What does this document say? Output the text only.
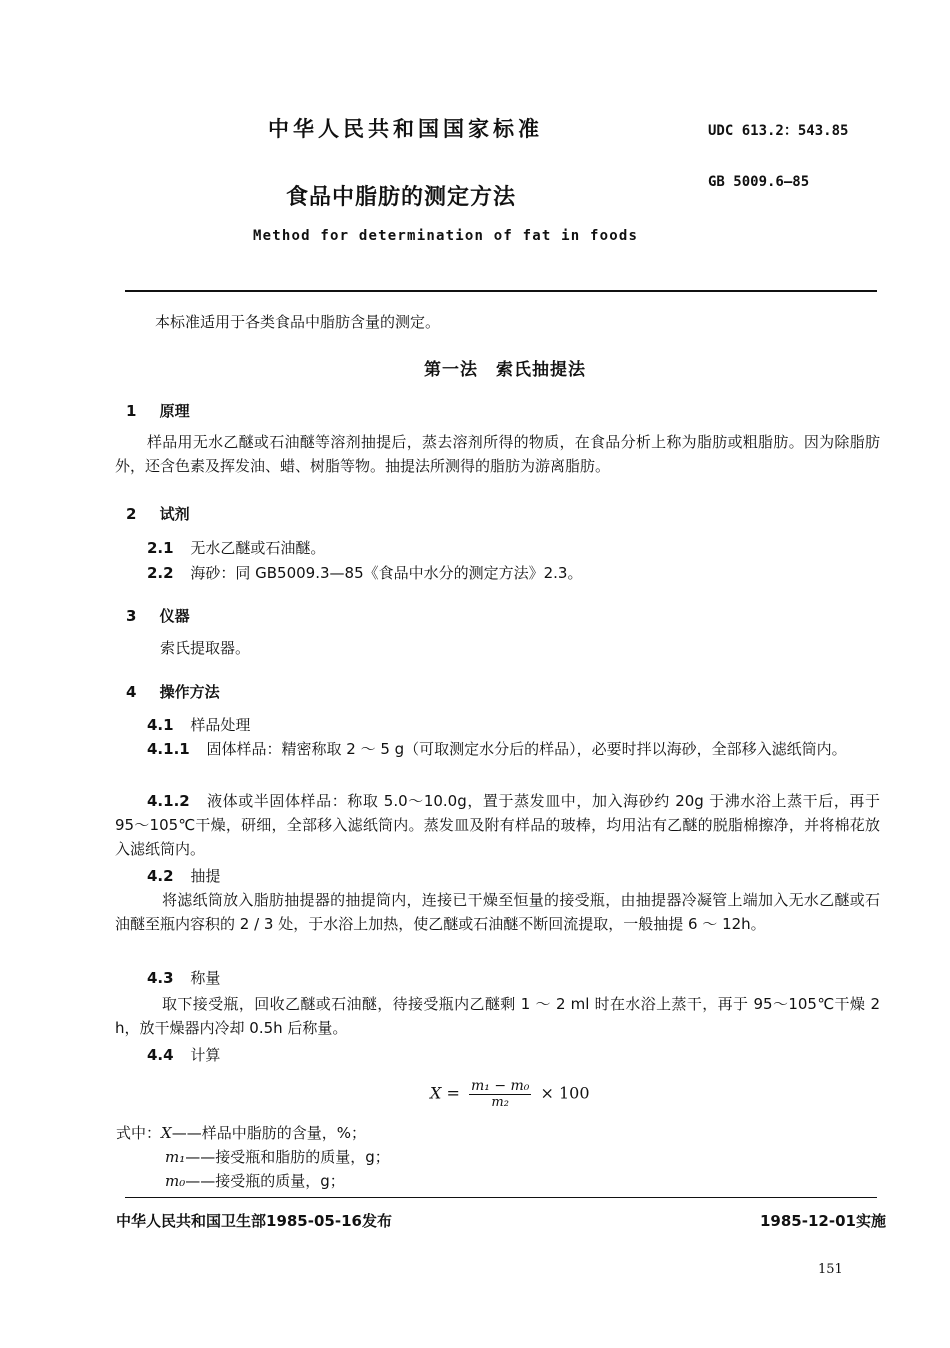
中华人民共和国国家标准	UDC 613.2：543.85
食品中脂肪的测定方法
GB 5009.6—85
Method for determination of fat in foods
本标准适用于各类食品中脂肪含量的测定。
第一法　索氏抽提法
1 原理
样品用无水乙醚或石油醚等溶剂抽提后，蒸去溶剂所得的物质，在食品分析上称为脂肪或粗脂肪。因为除脂肪外，还含色素及挥发油、蜡、树脂等物。抽提法所测得的脂肪为游离脂肪。
2 试剂
2.1 无水乙醚或石油醚。
2.2 海砂：同 GB5009.3—85《食品中水分的测定方法》2.3。
3 仪器
索氏提取器。
4 操作方法
4.1 样品处理
4.1.1 固体样品：精密称取 2 ～ 5 g（可取测定水分后的样品），必要时拌以海砂，全部移入滤纸筒内。
4.1.2 液体或半固体样品：称取 5.0～10.0g，置于蒸发皿中，加入海砂约 20g 于沸水浴上蒸干后，再于 95～105℃干燥，研细，全部移入滤纸筒内。蒸发皿及附有样品的玻棒，均用沾有乙醚的脱脂棉擦净，并将棉花放入滤纸筒内。
4.2 抽提
将滤纸筒放入脂肪抽提器的抽提筒内，连接已干燥至恒量的接受瓶，由抽提器冷凝管上端加入无水乙醚或石油醚至瓶内容积的 2 / 3 处，于水浴上加热，使乙醚或石油醚不断回流提取，一般抽提 6 ～ 12h。
4.3 称量
取下接受瓶，回收乙醚或石油醚，待接受瓶内乙醚剩 1 ～ 2 ml 时在水浴上蒸干，再于 95～105℃干燥 2 h，放干燥器内冷却 0.5h 后称量。
4.4 计算
$X = \frac{\text{m₁ − m₀}}{\text{m₂}} \times 100$
式中：X——样品中脂肪的含量，%；
m₁——接受瓶和脂肪的质量，g；
m₀——接受瓶的质量，g；
中华人民共和国卫生部1985-05-16发布	1985-12-01实施
151
